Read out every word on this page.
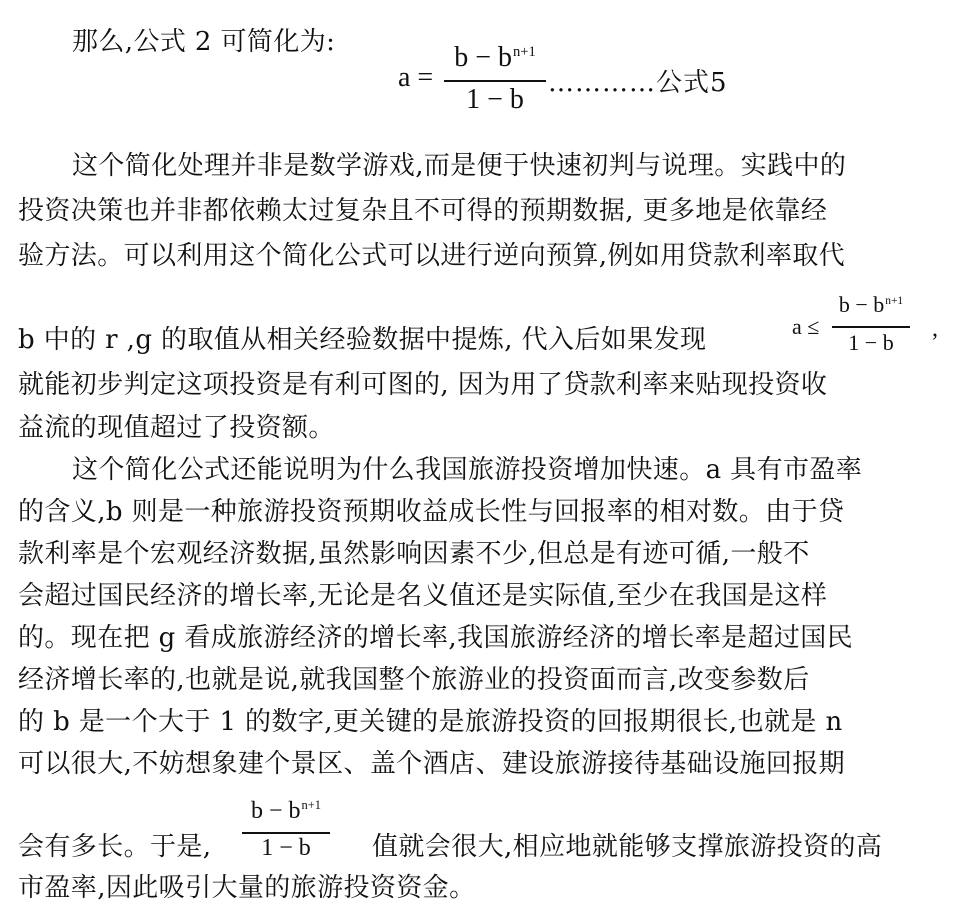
那么,公式 2 可简化为:
a =
$b - b^{n+1}$
1 − b
…………公式5
这个简化处理并非是数学游戏,而是便于快速初判与说理。实践中的
投资决策也并非都依赖太过复杂且不可得的预期数据, 更多地是依靠经
验方法。可以利用这个简化公式可以进行逆向预算,例如用贷款利率取代
b 中的 r ,g 的取值从相关经验数据中提炼, 代入后如果发现	a ≤
$b - b^{n+1}$
1 − b
,
就能初步判定这项投资是有利可图的, 因为用了贷款利率来贴现投资收
益流的现值超过了投资额。
这个简化公式还能说明为什么我国旅游投资增加快速。a 具有市盈率
的含义,b 则是一种旅游投资预期收益成长性与回报率的相对数。由于贷
款利率是个宏观经济数据,虽然影响因素不少,但总是有迹可循,一般不
会超过国民经济的增长率,无论是名义值还是实际值,至少在我国是这样
的。现在把 g 看成旅游经济的增长率,我国旅游经济的增长率是超过国民
经济增长率的,也就是说,就我国整个旅游业的投资面而言,改变参数后
的 b 是一个大于 1 的数字,更关键的是旅游投资的回报期很长,也就是 n
可以很大,不妨想象建个景区、盖个酒店、建设旅游接待基础设施回报期
会有多长。于是,
$b - b^{n+1}$
1 − b	值就会很大,相应地就能够支撑旅游投资的高
市盈率,因此吸引大量的旅游投资资金。
